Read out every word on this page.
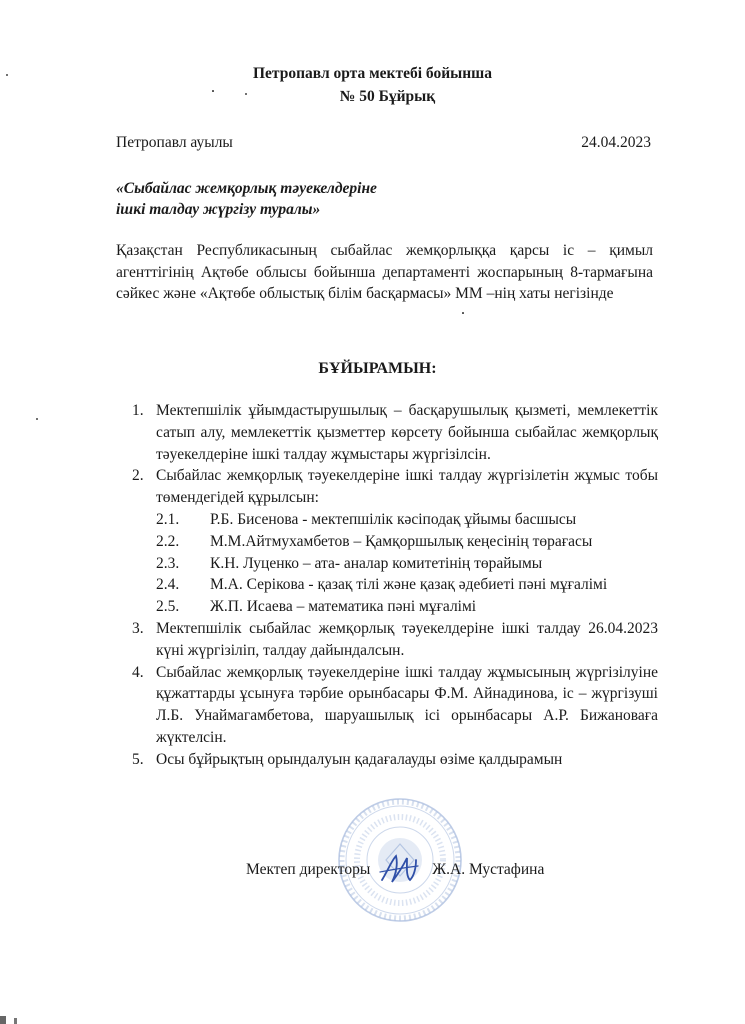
Петропавл орта мектебі бойынша
№ 50 Бұйрық
Петропавл ауылы	24.04.2023
«Сыбайлас жемқорлық тәуекелдеріне
ішкі талдау жүргізу туралы»
Қазақстан Республикасының сыбайлас жемқорлыққа қарсы іс – қимыл агенттігінің Ақтөбе облысы бойынша департаменті жоспарының 8-тармағына сәйкес және «Ақтөбе облыстық білім басқармасы» ММ –нің хаты негізінде
БҰЙЫРАМЫН:
1. Мектепшілік ұйымдастырушылық – басқарушылық қызметі, мемлекеттік сатып алу, мемлекеттік қызметтер көрсету бойынша сыбайлас жемқорлық тәуекелдеріне ішкі талдау жұмыстары жүргізілсін.
2. Сыбайлас жемқорлық тәуекелдеріне ішкі талдау жүргізілетін жұмыс тобы төмендегідей құрылсын:
2.1.	Р.Б. Бисенова - мектепшілік кәсіподақ ұйымы басшысы
2.2.	М.М.Айтмухамбетов – Қамқоршылық кеңесінің төрағасы
2.3.	К.Н. Луценко – ата- аналар комитетінің төрайымы
2.4.	М.А. Серікова - қазақ тілі және қазақ әдебиеті пәні мұғалімі
2.5.	Ж.П. Исаева – математика пәні мұғалімі
3. Мектепшілік сыбайлас жемқорлық тәуекелдеріне ішкі талдау 26.04.2023 күні жүргізіліп, талдау дайындалсын.
4. Сыбайлас жемқорлық тәуекелдеріне ішкі талдау жұмысының жүргізілуіне құжаттарды ұсынуға тәрбие орынбасары Ф.М. Айнадинова, іс – жүргізуші Л.Б. Унаймагамбетова, шаруашылық ісі орынбасары А.Р. Бижановаға жүктелсін.
5. Осы бұйрықтың орындалуын қадағалауды өзіме қалдырамын
Мектеп директоры	Ж.А. Мустафина
